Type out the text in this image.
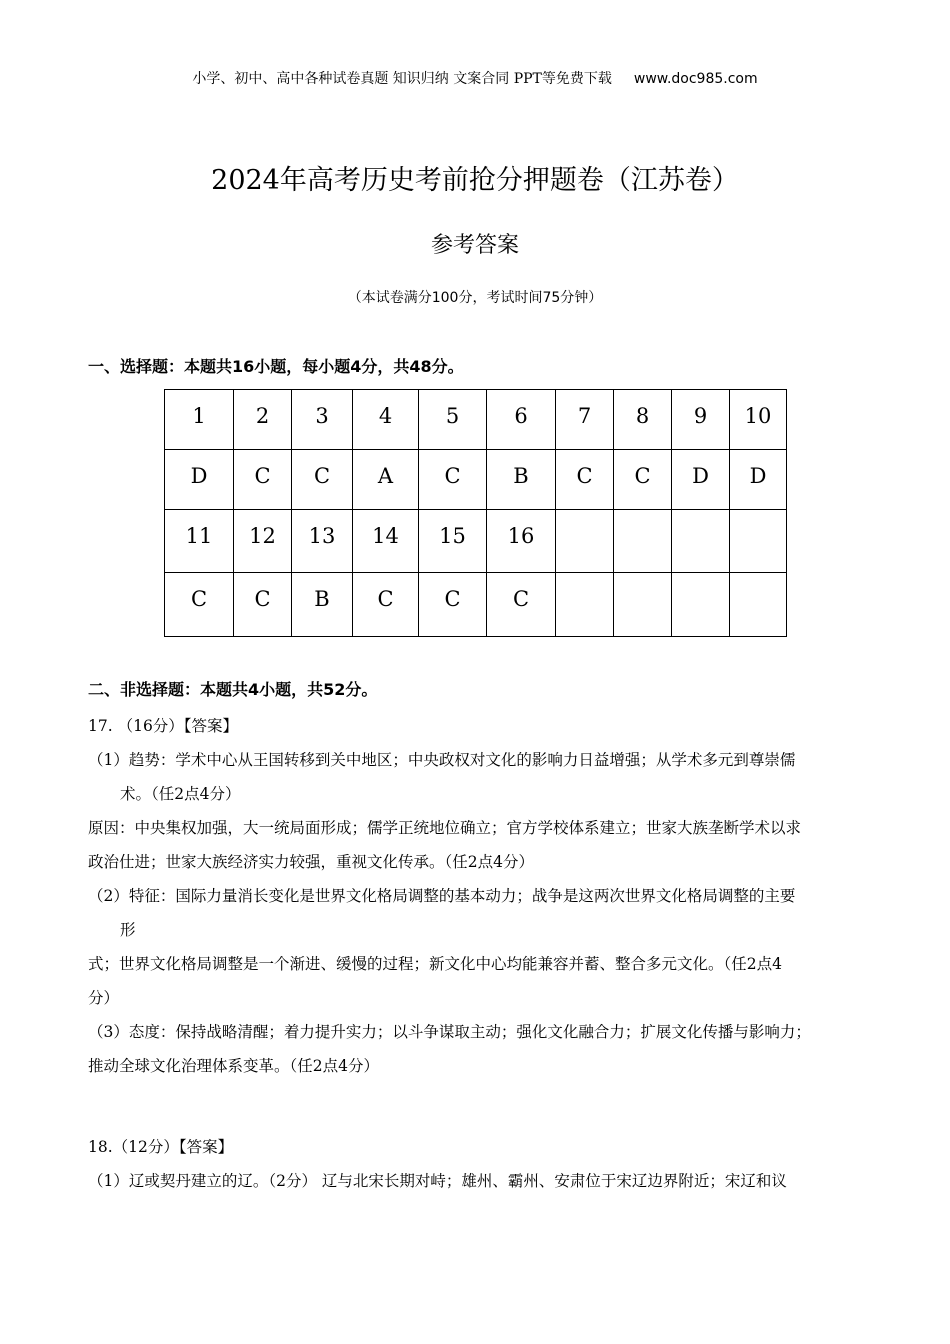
小学、初中、高中各种试卷真题 知识归纳 文案合同 PPT等免费下载 www.doc985.com
2024年高考历史考前抢分押题卷（江苏卷）
参考答案
（本试卷满分100分，考试时间75分钟）
一、选择题：本题共16小题，每小题4分，共48分。
1	2	3	4	5	6	7	8	9	10
D	C	C	A	C	B	C	C	D	D
11	12	13	14	15	16				
C	C	B	C	C	C				
二、非选择题：本题共4小题，共52分。
17. （16分）【答案】
（1）趋势：学术中心从王国转移到关中地区；中央政权对文化的影响力日益增强；从学术多元到尊崇儒
术。（任2点4分）
原因：中央集权加强，大一统局面形成；儒学正统地位确立；官方学校体系建立；世家大族垄断学术以求
政治仕进；世家大族经济实力较强，重视文化传承。（任2点4分）
（2）特征：国际力量消长变化是世界文化格局调整的基本动力；战争是这两次世界文化格局调整的主要
形
式；世界文化格局调整是一个渐进、缓慢的过程；新文化中心均能兼容并蓄、整合多元文化。（任2点4
分）
（3）态度：保持战略清醒；着力提升实力；以斗争谋取主动；强化文化融合力；扩展文化传播与影响力；
推动全球文化治理体系变革。（任2点4分）
18.（12分）【答案】
（1）辽或契丹建立的辽。（2分） 辽与北宋长期对峙；雄州、霸州、安肃位于宋辽边界附近；宋辽和议
